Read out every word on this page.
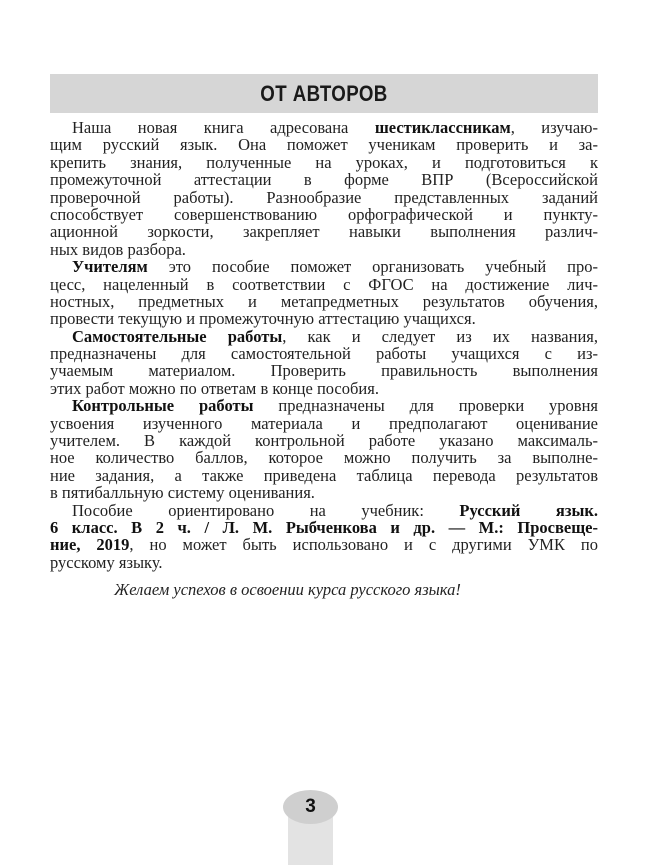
ОТ АВТОРОВ
Наша новая книга адресована шестиклассникам, изучаю-
щим русский язык. Она поможет ученикам проверить и за-
крепить знания, полученные на уроках, и подготовиться к
промежуточной аттестации в форме ВПР (Всероссийской
проверочной работы). Разнообразие представленных заданий
способствует совершенствованию орфографической и пункту-
ационной зоркости, закрепляет навыки выполнения различ-
ных видов разбора.
Учителям это пособие поможет организовать учебный про-
цесс, нацеленный в соответствии с ФГОС на достижение лич-
ностных, предметных и метапредметных результатов обучения,
провести текущую и промежуточную аттестацию учащихся.
Самостоятельные работы, как и следует из их названия,
предназначены для самостоятельной работы учащихся с из-
учаемым материалом. Проверить правильность выполнения
этих работ можно по ответам в конце пособия.
Контрольные работы предназначены для проверки уровня
усвоения изученного материала и предполагают оценивание
учителем. В каждой контрольной работе указано максималь-
ное количество баллов, которое можно получить за выполне-
ние задания, а также приведена таблица перевода результатов
в пятибалльную систему оценивания.
Пособие ориентировано на учебник: Русский язык.
6 класс. В 2 ч. / Л. М. Рыбченкова и др. — М.: Просвеще-
ние, 2019, но может быть использовано и с другими УМК по
русскому языку.
Желаем успехов в освоении курса русского языка!
3
